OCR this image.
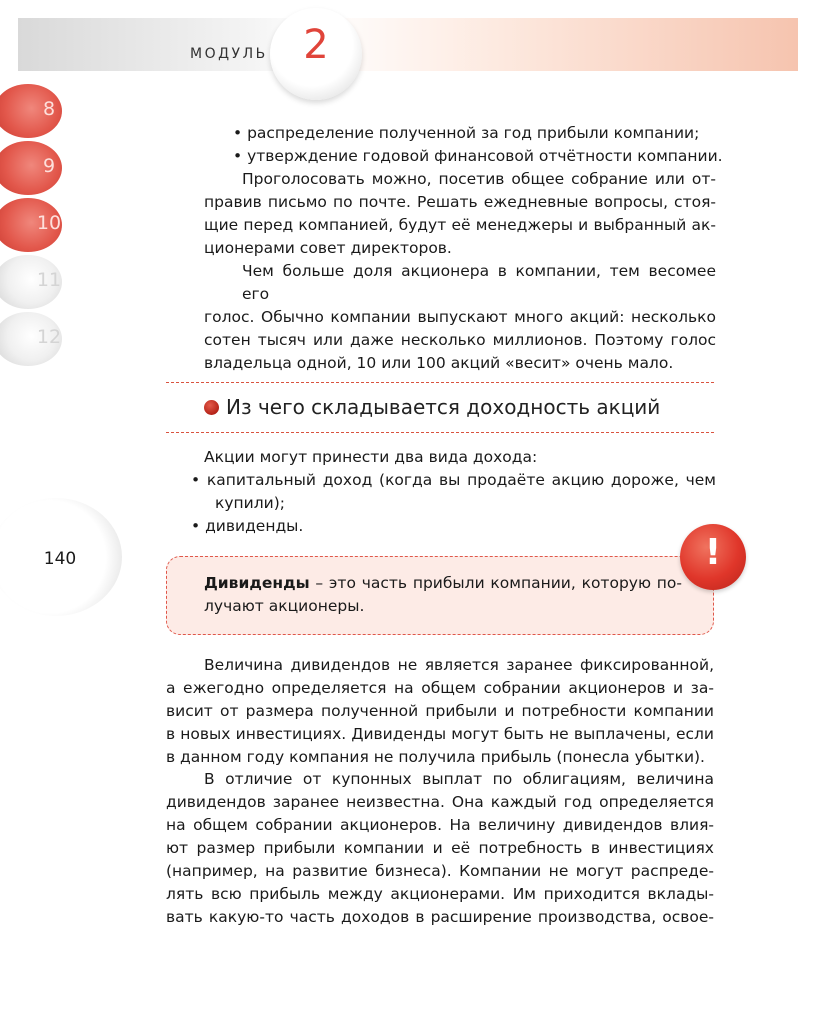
МОДУЛЬ 2
8
9
10
11
12
140
• распределение полученной за год прибыли компании;
• утверждение годовой финансовой отчётности компании.
Проголосовать можно, посетив общее собрание или от-
правив письмо по почте. Решать ежедневные вопросы, стоя-
щие перед компанией, будут её менеджеры и выбранный ак-
ционерами совет директоров.
Чем больше доля акционера в компании, тем весомее его
голос. Обычно компании выпускают много акций: несколько
сотен тысяч или даже несколько миллионов. Поэтому голос
владельца одной, 10 или 100 акций «весит» очень мало.
Из чего складывается доходность акций
Акции могут принести два вида дохода:
• капитальный доход (когда вы продаёте акцию дороже, чем
купили);
• дивиденды.
!
Дивиденды – это часть прибыли компании, которую по-
лучают акционеры.
Величина дивидендов не является заранее фиксированной,
а ежегодно определяется на общем собрании акционеров и за-
висит от размера полученной прибыли и потребности компании
в новых инвестициях. Дивиденды могут быть не выплачены, если
в данном году компания не получила прибыль (понесла убытки).
В отличие от купонных выплат по облигациям, величина
дивидендов заранее неизвестна. Она каждый год определяется
на общем собрании акционеров. На величину дивидендов влия-
ют размер прибыли компании и её потребность в инвестициях
(например, на развитие бизнеса). Компании не могут распреде-
лять всю прибыль между акционерами. Им приходится вклады-
вать какую-то часть доходов в расширение производства, освое-
